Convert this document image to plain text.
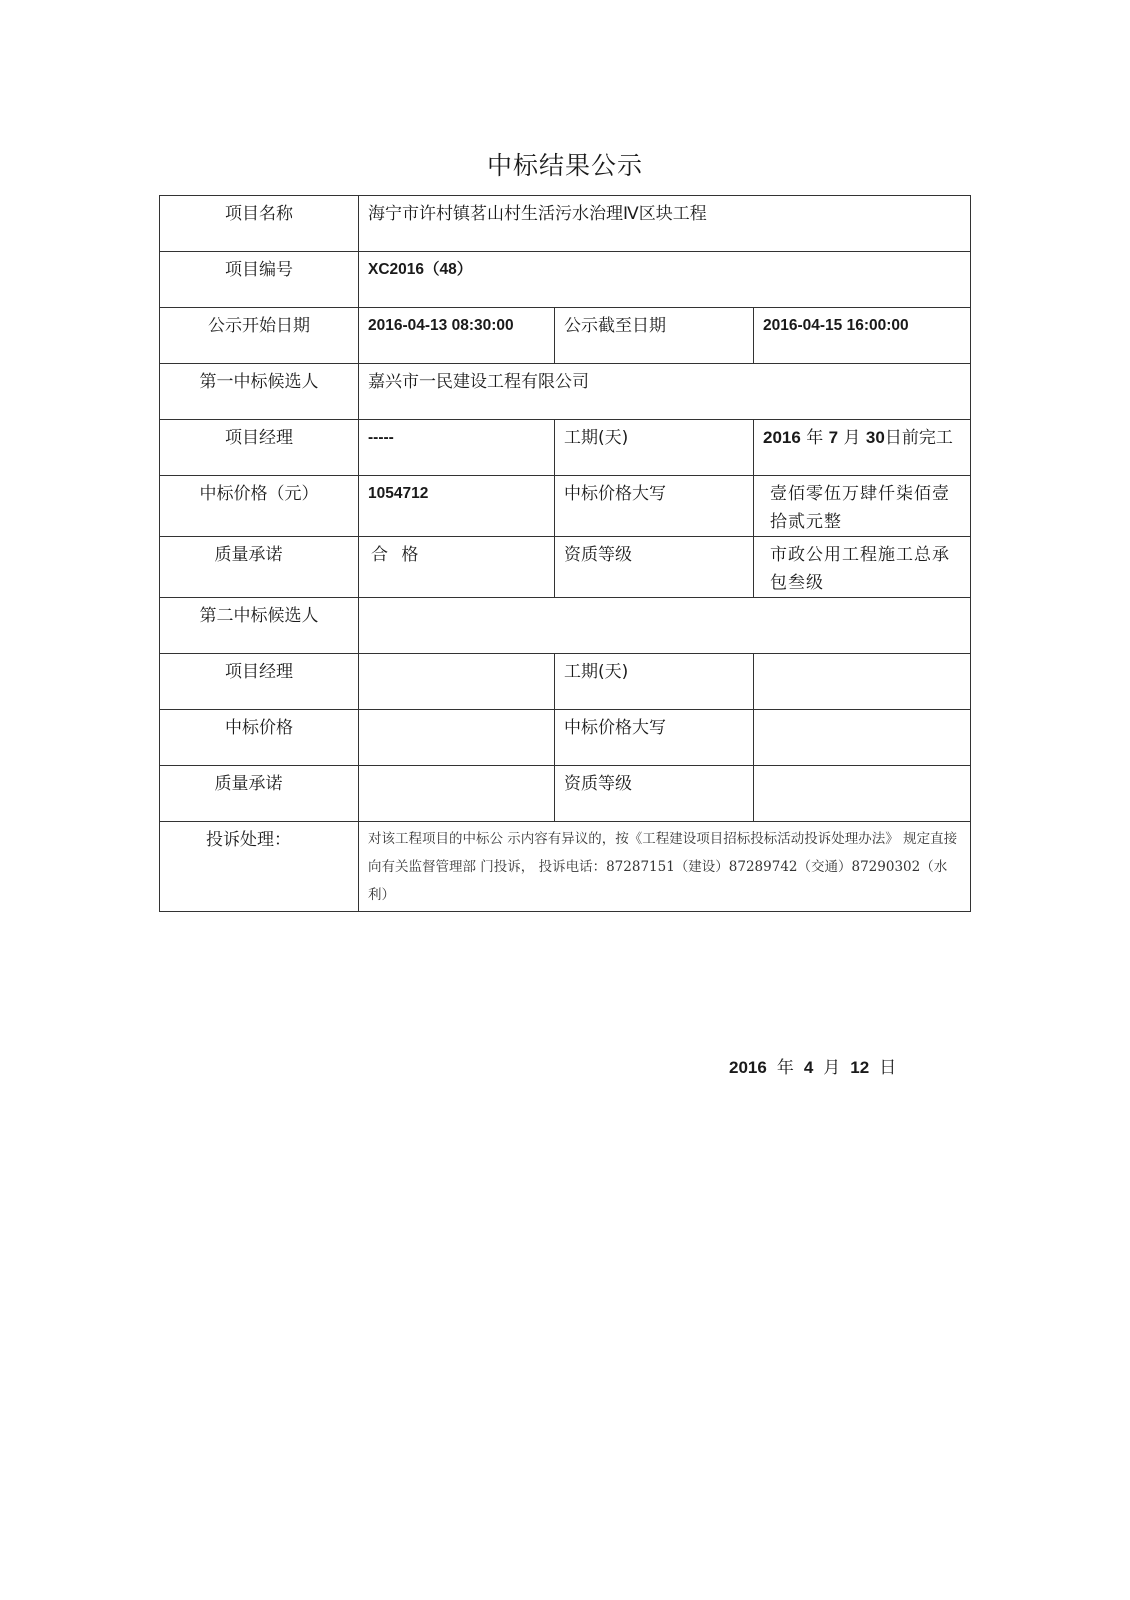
中标结果公示
项目名称	海宁市许村镇茗山村生活污水治理Ⅳ区块工程		
项目编号	XC2016（48）		
公示开始日期	2016-04-13 08:30:00	公示截至日期	2016-04-15 16:00:00
第一中标候选人	嘉兴市一民建设工程有限公司		
项目经理	-----	工期(天)	2016 年 7 月 30日前完工
中标价格（元）	1054712	中标价格大写	壹佰零伍万肆仟柒佰壹拾贰元整
质量承诺	合 格	资质等级	市政公用工程施工总承包叁级
第二中标候选人			
项目经理		工期(天)	
中标价格		中标价格大写	
质量承诺		资质等级	
投诉处理：	对该工程项目的中标公 示内容有异议的，按《工程建设项目招标投标活动投诉处理办法》 规定直接向有关监督管理部 门投诉， 投诉电话：87287151（建设）87289742（交通）87290302（水利）		
2016 年 4 月 12 日
